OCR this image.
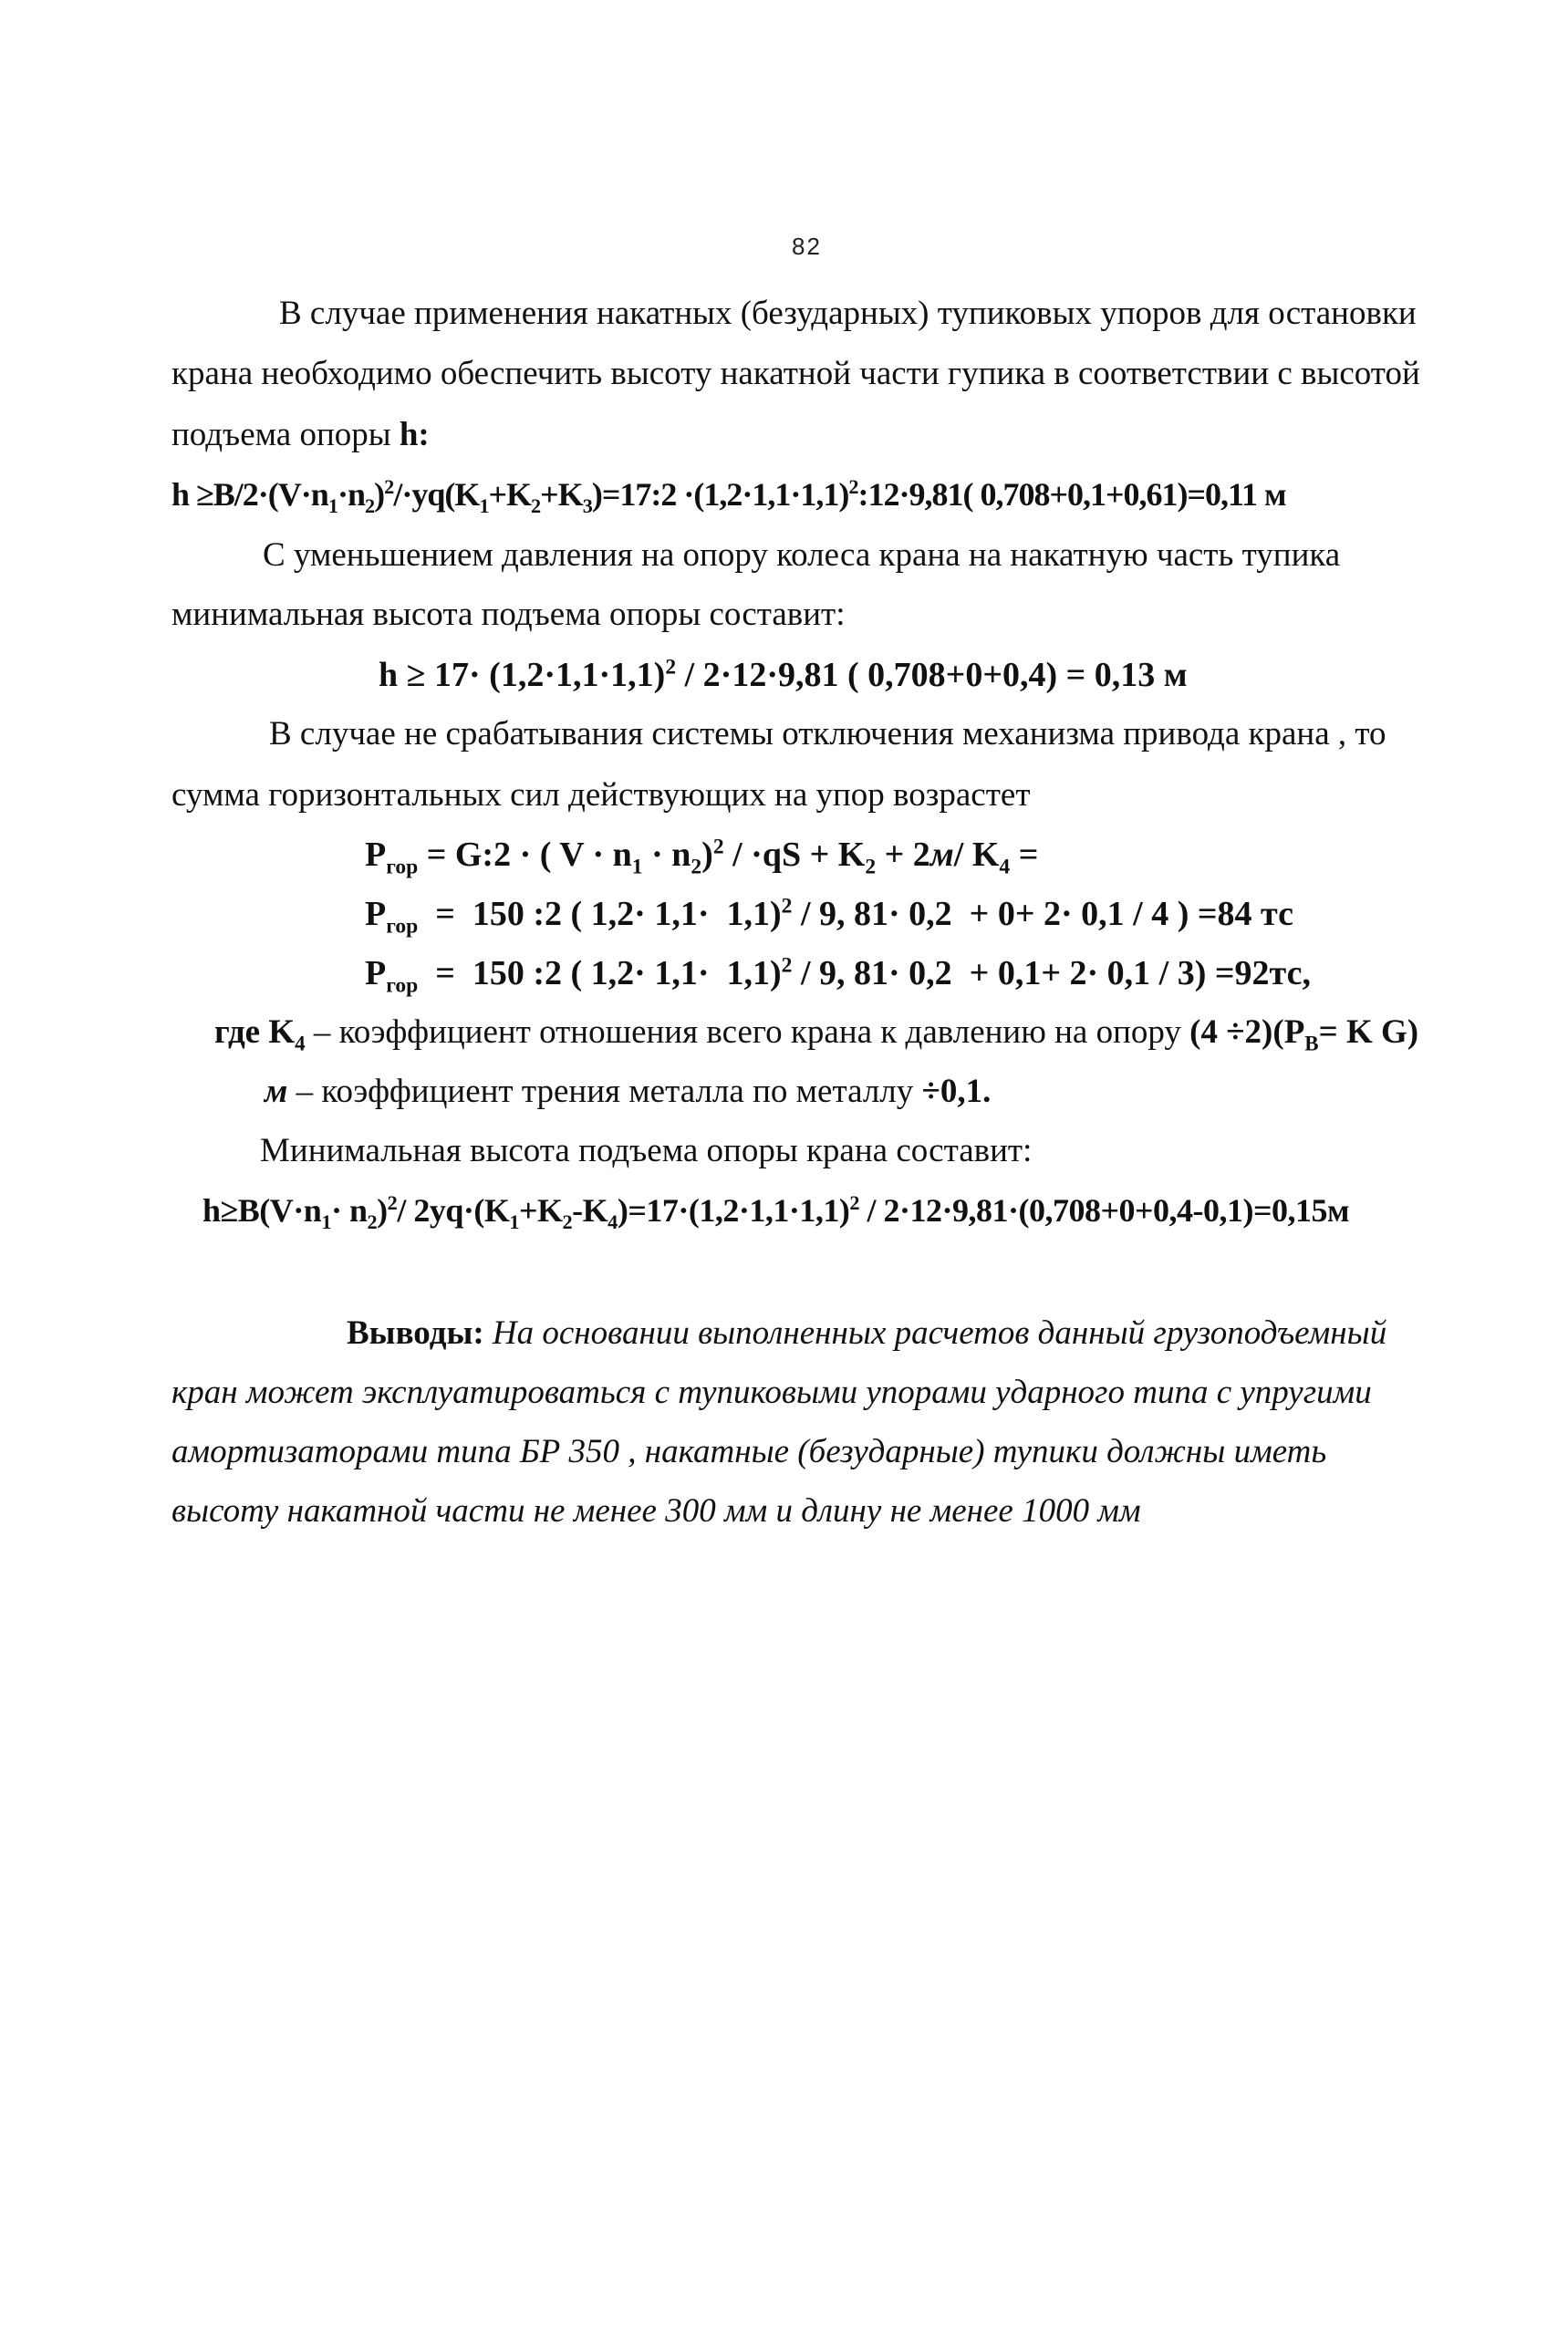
82
В случае применения накатных (безударных) тупиковых упоров для остановки
крана необходимо обеспечить высоту накатной части гупика в соответствии с высотой
подъема опоры h:
$h \ge B/2\cdot(V\cdot n_1\cdot n_2)^2/\cdot уq(K_1+K_2+K_3)=17:2$ $\cdot(1,2\cdot 1,1\cdot 1,1)^2:12\cdot 9,81$( 0,708+0,1+0,61)=0,11 м
С уменьшением давления на опору колеса крана на накатную часть тупика
минимальная высота подъема опоры составит:
$h \ge 17\cdot (1,2\cdot 1,1\cdot 1,1)^2 / 2\cdot 12\cdot 9,81$ ( 0,708+0+0,4) = 0,13 м
В случае не срабатывания системы отключения механизма привода крана , то
сумма горизонтальных сил действующих на упор возрастет
$Р_{гор}$ = G:2 · ( $V \cdot n_1 \cdot n_2)^2 / \cdot qS + K_2 + 2м/$ $K_4$ =
$Р_{гор} = 150$ :2 ( 1,2· 1,1·  1,1)$^2$ / 9, 81· 0,2  + 0+ 2· 0,1 / 4 ) =84 тс
$Р_{гор} = 150$ :2 ( 1,2· 1,1·  1,1)$^2$ / 9, 81· 0,2  + 0,1+ 2· 0,1 / 3) =92тс,
где $K_4$ – коэффициент отношения всего крана к давлению на опору $(4 \div 2)(Р_В= K$ G)
м – коэффициент трения металла по металлу ÷0,1.
Минимальная высота подъема опоры крана составит:
$h\ge B(V\cdot n_1\cdot n_2)^2/$ $2уq\cdot(K_1+K_2-K_4)=17\cdot(1,2\cdot 1,1\cdot 1,1)^2 / 2\cdot 12\cdot 9,81\cdot(0,708+0+0,4-0,1)=0,15м$
Выводы: На основании выполненных расчетов данный грузоподъемный
кран может эксплуатироваться с тупиковыми упорами ударного типа с упругими
амортизаторами типа БР 350 , накатные (безударные) тупики должны иметь
высоту накатной части не менее 300 мм и длину не менее 1000 мм
